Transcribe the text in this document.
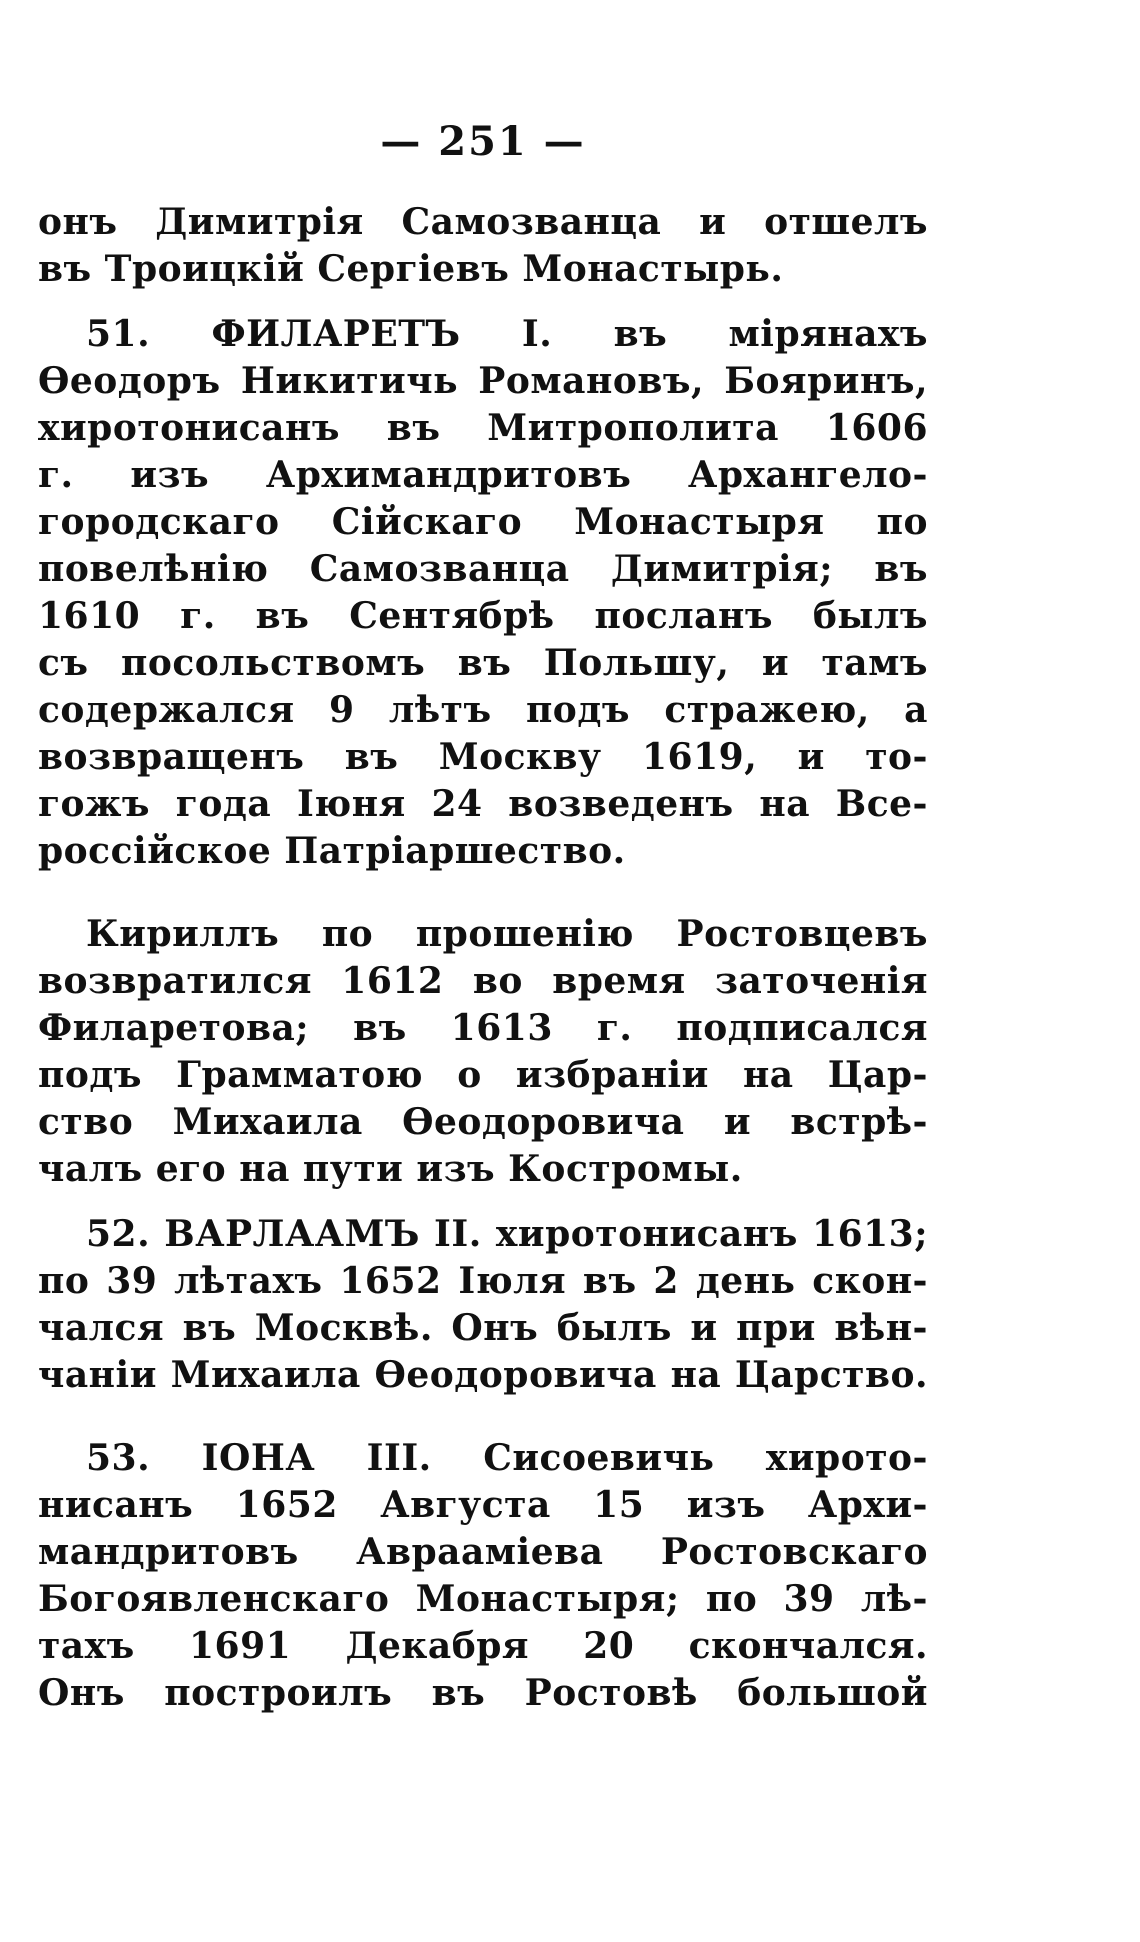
— 251 —
онъ Димитрія Самозванца и отшелъ
въ Троицкій Сергіевъ Монастырь.
51. ФИЛАРЕТЪ I. въ мірянахъ
Өеодоръ Никитичь Романовъ, Бояринъ,
хиротонисанъ въ Митрополита 1606
г. изъ Архимандритовъ Архангело-
городскаго Сійскаго Монастыря по
повелѣнію Самозванца Димитрія; въ
1610 г. въ Сентябрѣ посланъ былъ
съ посольствомъ въ Польшу, и тамъ
содержался 9 лѣтъ подъ стражею, а
возвращенъ въ Москву 1619, и то-
гожъ года Іюня 24 возведенъ на Все-
россійское Патріаршество.
Кириллъ по прошенію Ростовцевъ
возвратился 1612 во время заточенія
Филаретова; въ 1613 г. подписался
подъ Грамматою о избраніи на Цар-
ство Михаила Өеодоровича и встрѣ-
чалъ его на пути изъ Костромы.
52. ВАРЛААМЪ II. хиротонисанъ 1613;
по 39 лѣтахъ 1652 Іюля въ 2 день скон-
чался въ Москвѣ. Онъ былъ и при вѣн-
чаніи Михаила Өеодоровича на Царство.
53. ІОНА III. Сисоевичь хирото-
нисанъ 1652 Августа 15 изъ Архи-
мандритовъ Авраaміева Ростовскаго
Богоявленскаго Монастыря; по 39 лѣ-
тахъ 1691 Декабря 20 скончался.
Онъ построилъ въ Ростовѣ большой
